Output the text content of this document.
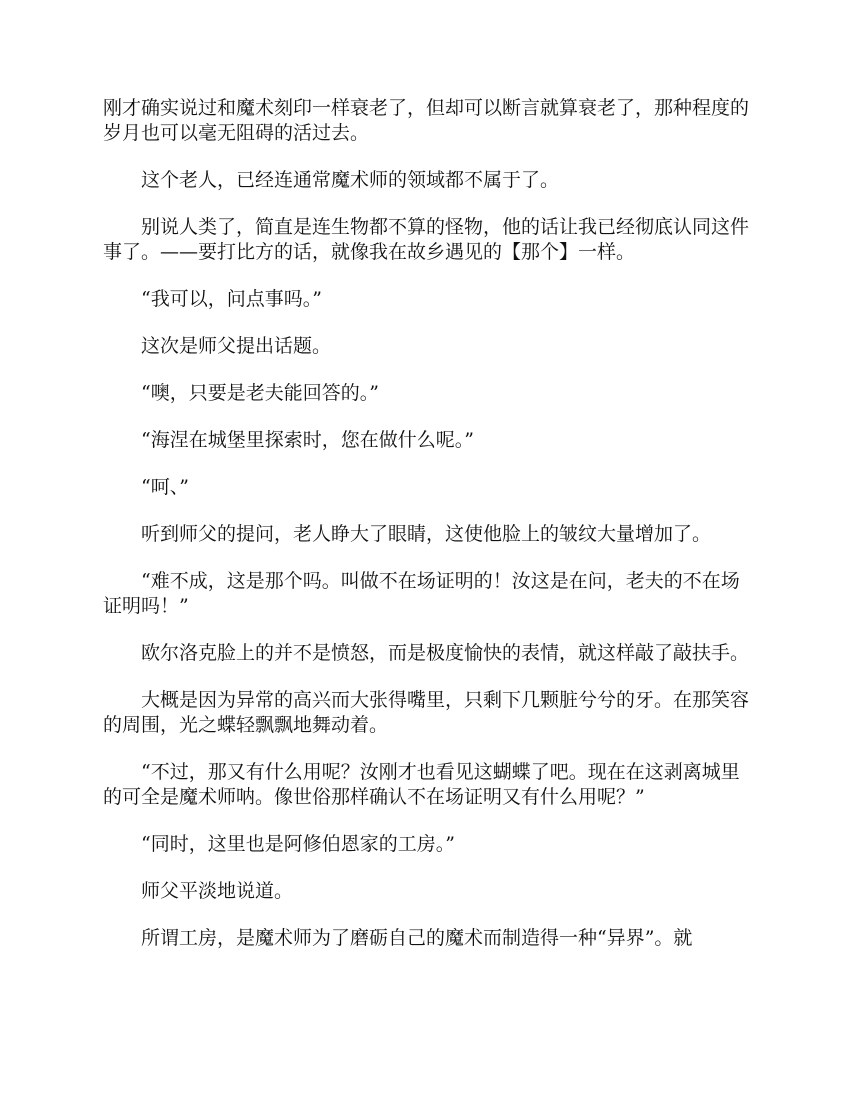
刚才确实说过和魔术刻印一样衰老了，但却可以断言就算衰老了，那种程度的岁月也可以毫无阻碍的活过去。

这个老人，已经连通常魔术师的领域都不属于了。

别说人类了，简直是连生物都不算的怪物，他的话让我已经彻底认同这件事了。——要打比方的话，就像我在故乡遇见的【那个】一样。

“我可以，问点事吗。”

这次是师父提出话题。

“噢，只要是老夫能回答的。”

“海涅在城堡里探索时，您在做什么呢。”

“呵、”

听到师父的提问，老人睁大了眼睛，这使他脸上的皱纹大量增加了。

“难不成，这是那个吗。叫做不在场证明的！汝这是在问，老夫的不在场证明吗！”

欧尔洛克脸上的并不是愤怒，而是极度愉快的表情，就这样敲了敲扶手。

大概是因为异常的高兴而大张得嘴里，只剩下几颗脏兮兮的牙。在那笑容的周围，光之蝶轻飘飘地舞动着。

“不过，那又有什么用呢？汝刚才也看见这蝴蝶了吧。现在在这剥离城里的可全是魔术师呐。像世俗那样确认不在场证明又有什么用呢？”

“同时，这里也是阿修伯恩家的工房。”

师父平淡地说道。

所谓工房，是魔术师为了磨砺自己的魔术而制造得一种“异界”。就
